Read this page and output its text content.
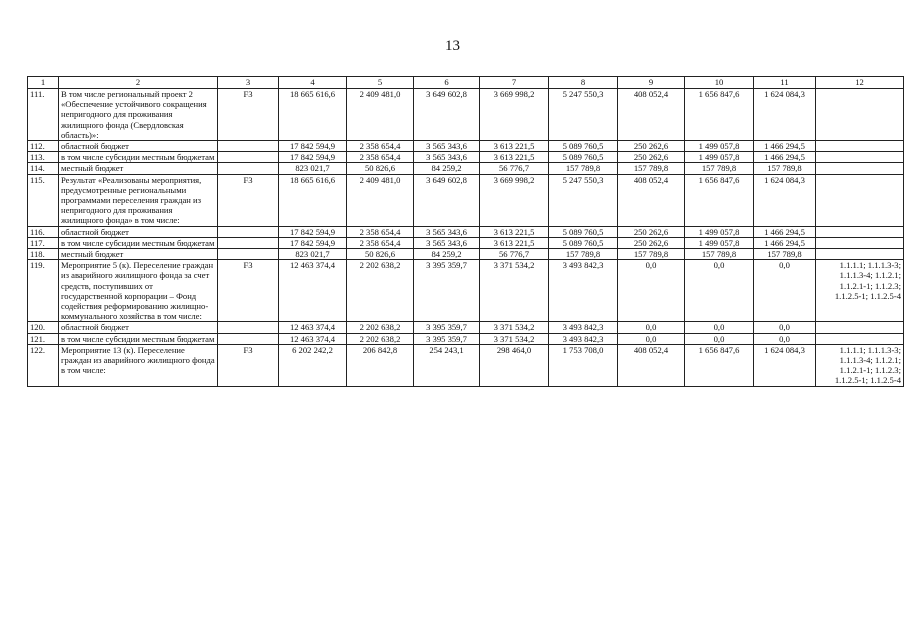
13
1	2	3	4	5	6	7	8	9	10	11	12
111.	В том числе региональный проект 2 «Обеспечение устойчивого сокращения непригодного для проживания жилищного фонда (Свердловская область)»:	F3	18 665 616,6	2 409 481,0	3 649 602,8	3 669 998,2	5 247 550,3	408 052,4	1 656 847,6	1 624 084,3	
112.	областной бюджет		17 842 594,9	2 358 654,4	3 565 343,6	3 613 221,5	5 089 760,5	250 262,6	1 499 057,8	1 466 294,5	
113.	в том числе субсидии местным бюджетам		17 842 594,9	2 358 654,4	3 565 343,6	3 613 221,5	5 089 760,5	250 262,6	1 499 057,8	1 466 294,5	
114.	местный бюджет		823 021,7	50 826,6	84 259,2	56 776,7	157 789,8	157 789,8	157 789,8	157 789,8	
115.	Результат «Реализованы мероприятия, предусмотренные региональными программами переселения граждан из непригодного для проживания жилищного фонда» в том числе:	F3	18 665 616,6	2 409 481,0	3 649 602,8	3 669 998,2	5 247 550,3	408 052,4	1 656 847,6	1 624 084,3	
116.	областной бюджет		17 842 594,9	2 358 654,4	3 565 343,6	3 613 221,5	5 089 760,5	250 262,6	1 499 057,8	1 466 294,5	
117.	в том числе субсидии местным бюджетам		17 842 594,9	2 358 654,4	3 565 343,6	3 613 221,5	5 089 760,5	250 262,6	1 499 057,8	1 466 294,5	
118.	местный бюджет		823 021,7	50 826,6	84 259,2	56 776,7	157 789,8	157 789,8	157 789,8	157 789,8	
119.	Мероприятие 5 (к). Переселение граждан из аварийного жилищного фонда за счет средств, поступивших от государственной корпорации – Фонд содействия реформированию жилищно-коммунального хозяйства в том числе:	F3	12 463 374,4	2 202 638,2	3 395 359,7	3 371 534,2	3 493 842,3	0,0	0,0	0,0	1.1.1.1; 1.1.1.3-3; 1.1.1.3-4; 1.1.2.1; 1.1.2.1-1; 1.1.2.3; 1.1.2.5-1; 1.1.2.5-4
120.	областной бюджет		12 463 374,4	2 202 638,2	3 395 359,7	3 371 534,2	3 493 842,3	0,0	0,0	0,0	
121.	в том числе субсидии местным бюджетам		12 463 374,4	2 202 638,2	3 395 359,7	3 371 534,2	3 493 842,3	0,0	0,0	0,0	
122.	Мероприятие 13 (к). Переселение граждан из аварийного жилищного фонда в том числе:	F3	6 202 242,2	206 842,8	254 243,1	298 464,0	1 753 708,0	408 052,4	1 656 847,6	1 624 084,3	1.1.1.1; 1.1.1.3-3; 1.1.1.3-4; 1.1.2.1; 1.1.2.1-1; 1.1.2.3; 1.1.2.5-1; 1.1.2.5-4
